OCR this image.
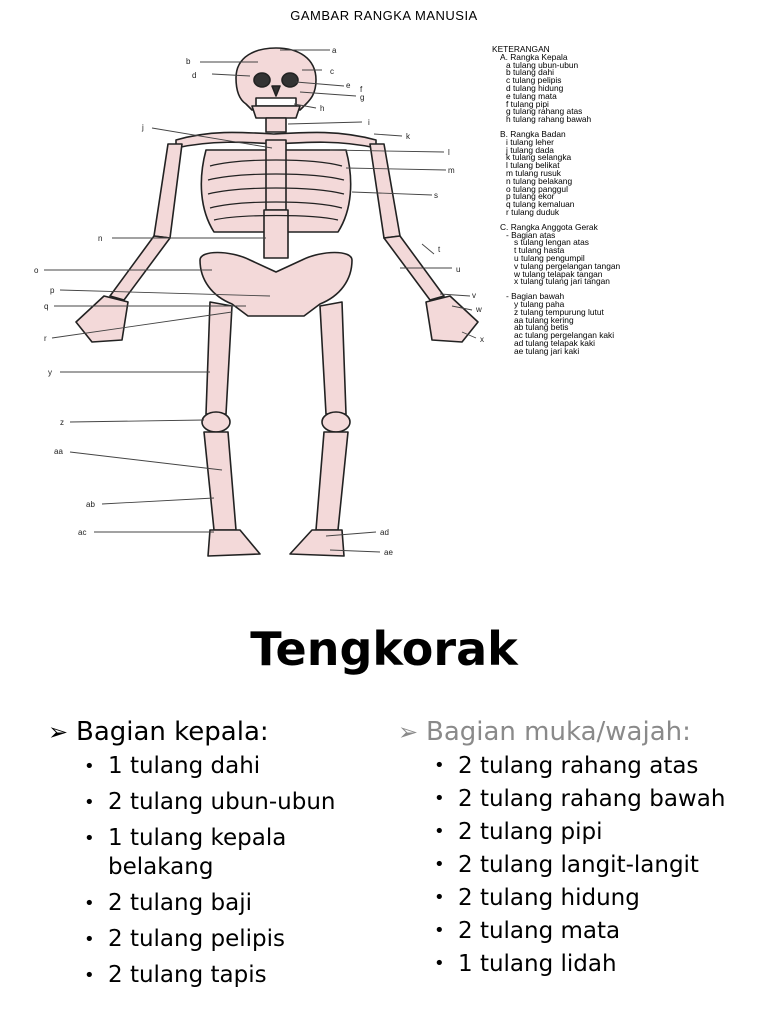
GAMBAR RANGKA MANUSIA
a
b
c
d
e f
g
h
i
j
k
l
m
s
n
t
u
o
p
v
q	w
r	x
y
z
aa
ab
ac	ad
ae
KETERANGAN
A. Rangka Kepala
a tulang ubun-ubun
b tulang dahi
c tulang pelipis
d tulang hidung
e tulang mata
f tulang pipi
g tulang rahang atas
h tulang rahang bawah
B. Rangka Badan
i tulang leher
j tulang dada
k tulang selangka
l tulang belikat
m tulang rusuk
n tulang belakang
o tulang panggul
p tulang ekor
q tulang kemaluan
r tulang duduk
C. Rangka Anggota Gerak
- Bagian atas
s tulang lengan atas
t tulang hasta
u tulang pengumpil
v tulang pergelangan tangan
w tulang telapak tangan
x tulang tulang jari tangan
- Bagian bawah
y tulang paha
z tulang tempurung lutut
aa tulang kering
ab tulang betis
ac tulang pergelangan kaki
ad tulang telapak kaki
ae tulang jari kaki
Tengkorak
➢ Bagian kepala:
• 1 tulang dahi
• 2 tulang ubun-ubun
• 1 tulang kepala belakang
• 2 tulang baji
• 2 tulang pelipis
• 2 tulang tapis
➢ Bagian muka/wajah:
• 2 tulang rahang atas
• 2 tulang rahang bawah
• 2 tulang pipi
• 2 tulang langit-langit
• 2 tulang hidung
• 2 tulang mata
• 1 tulang lidah
